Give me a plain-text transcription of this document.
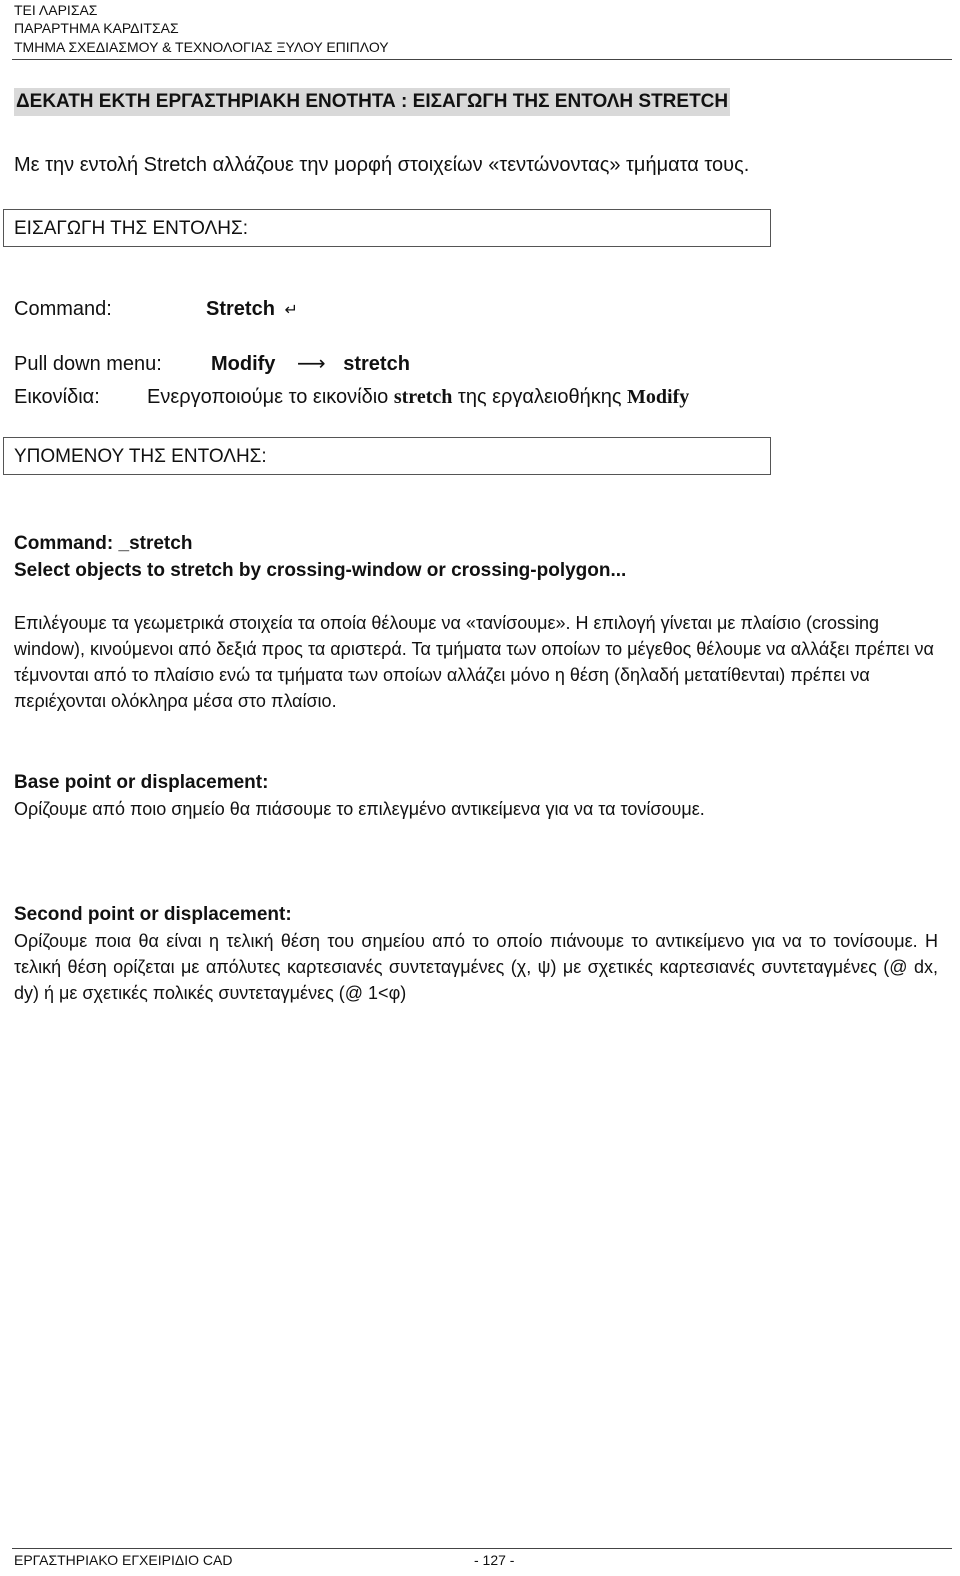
ΤΕΙ ΛΑΡΙΣΑΣ
ΠΑΡΑΡΤΗΜΑ ΚΑΡΔΙΤΣΑΣ
ΤΜΗΜΑ ΣΧΕΔΙΑΣΜΟΥ & ΤΕΧΝΟΛΟΓΙΑΣ ΞΥΛΟΥ ΕΠΙΠΛΟΥ
ΔΕΚΑΤΗ ΕΚΤΗ ΕΡΓΑΣΤΗΡΙΑΚΗ ΕΝΟΤΗΤΑ : ΕΙΣΑΓΩΓΗ ΤΗΣ ΕΝΤΟΛΗ STRETCH
Με την εντολή Stretch αλλάζουε την μορφή στοιχείων «τεντώνοντας» τμήματα τους.
ΕΙΣΑΓΩΓΗ ΤΗΣ ΕΝΤΟΛΗΣ:
Command:	Stretch ↵
Pull down menu: Modify ⟶ stretch
Εικονίδια: Ενεργοποιούμε το εικονίδιο stretch της εργαλειοθήκης Modify
ΥΠΟΜΕΝΟΥ ΤΗΣ ΕΝΤΟΛΗΣ:
Command: _stretch
Select objects to stretch by crossing-window or crossing-polygon...
Επιλέγουμε τα γεωμετρικά στοιχεία τα οποία θέλουμε να «τανίσουμε». Η επιλογή γίνεται με πλαίσιο (crossing window), κινούμενοι από δεξιά προς τα αριστερά. Τα τμήματα των οποίων το μέγεθος θέλουμε να αλλάξει πρέπει να τέμνονται από το πλαίσιο ενώ τα τμήματα των οποίων αλλάζει μόνο η θέση (δηλαδή μετατίθενται) πρέπει να περιέχονται ολόκληρα μέσα στο πλαίσιο.
Base point or displacement:
Ορίζουμε από ποιο σημείο θα πιάσουμε το επιλεγμένο αντικείμενα για να τα τονίσουμε.
Second point or displacement:
Ορίζουμε ποια θα είναι η τελική θέση του σημείου από το οποίο πιάνουμε το αντικείμενο για να το τονίσουμε. Η τελική θέση ορίζεται με απόλυτες καρτεσιανές συντεταγμένες (χ, ψ) με σχετικές καρτεσιανές συντεταγμένες (@ dx, dy) ή με σχετικές πολικές συντεταγμένες (@ 1<φ)
ΕΡΓΑΣΤΗΡΙΑΚΟ ΕΓΧΕΙΡΙΔΙΟ CAD	- 127 -
